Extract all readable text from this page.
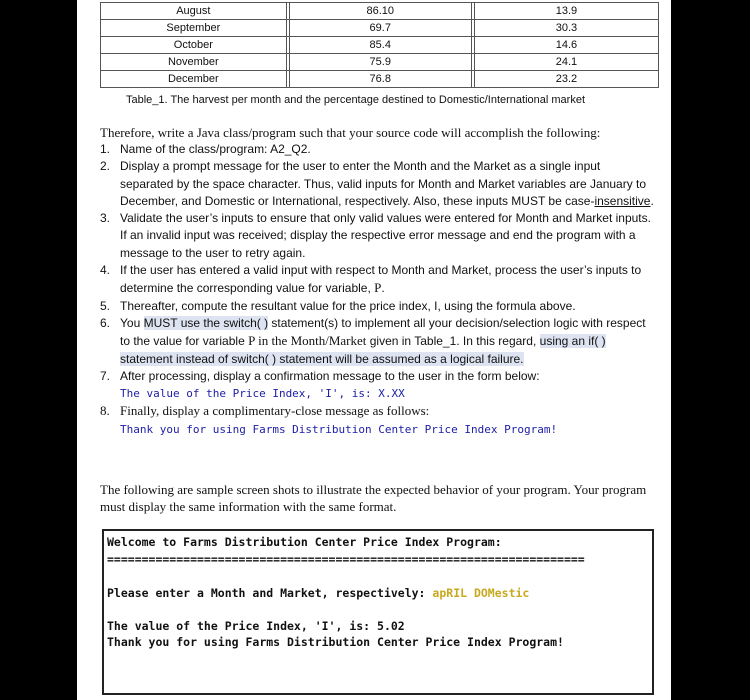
August		86.10		13.9
September		69.7		30.3
October		85.4		14.6
November		75.9		24.1
December		76.8		23.2
Table_1. The harvest per month and the percentage destined to Domestic/International market
Therefore, write a Java class/program such that your source code will accomplish the following:
1. Name of the class/program: A2_Q2.
2. Display a prompt message for the user to enter the Month and the Market as a single input separated by the space character. Thus, valid inputs for Month and Market variables are January to December, and Domestic or International, respectively. Also, these inputs MUST be case-insensitive.
3. Validate the user’s inputs to ensure that only valid values were entered for Month and Market inputs. If an invalid input was received; display the respective error message and end the program with a message to the user to retry again.
4. If the user has entered a valid input with respect to Month and Market, process the user’s inputs to determine the corresponding value for variable, P.
5. Thereafter, compute the resultant value for the price index, I, using the formula above.
6. You MUST use the switch( ) statement(s) to implement all your decision/selection logic with respect to the value for variable P in the Month/Market given in Table_1. In this regard, using an if( ) statement instead of switch( ) statement will be assumed as a logical failure.
7. After processing, display a confirmation message to the user in the form below:
The value of the Price Index, 'I', is: X.XX
8. Finally, display a complimentary-close message as follows:
Thank you for using Farms Distribution Center Price Index Program!
The following are sample screen shots to illustrate the expected behavior of your program. Your program must display the same information with the same format.
Welcome to Farms Distribution Center Price Index Program:
=====================================================================
Please enter a Month and Market, respectively: apRIL DOMestic
The value of the Price Index, 'I', is: 5.02
Thank you for using Farms Distribution Center Price Index Program!
